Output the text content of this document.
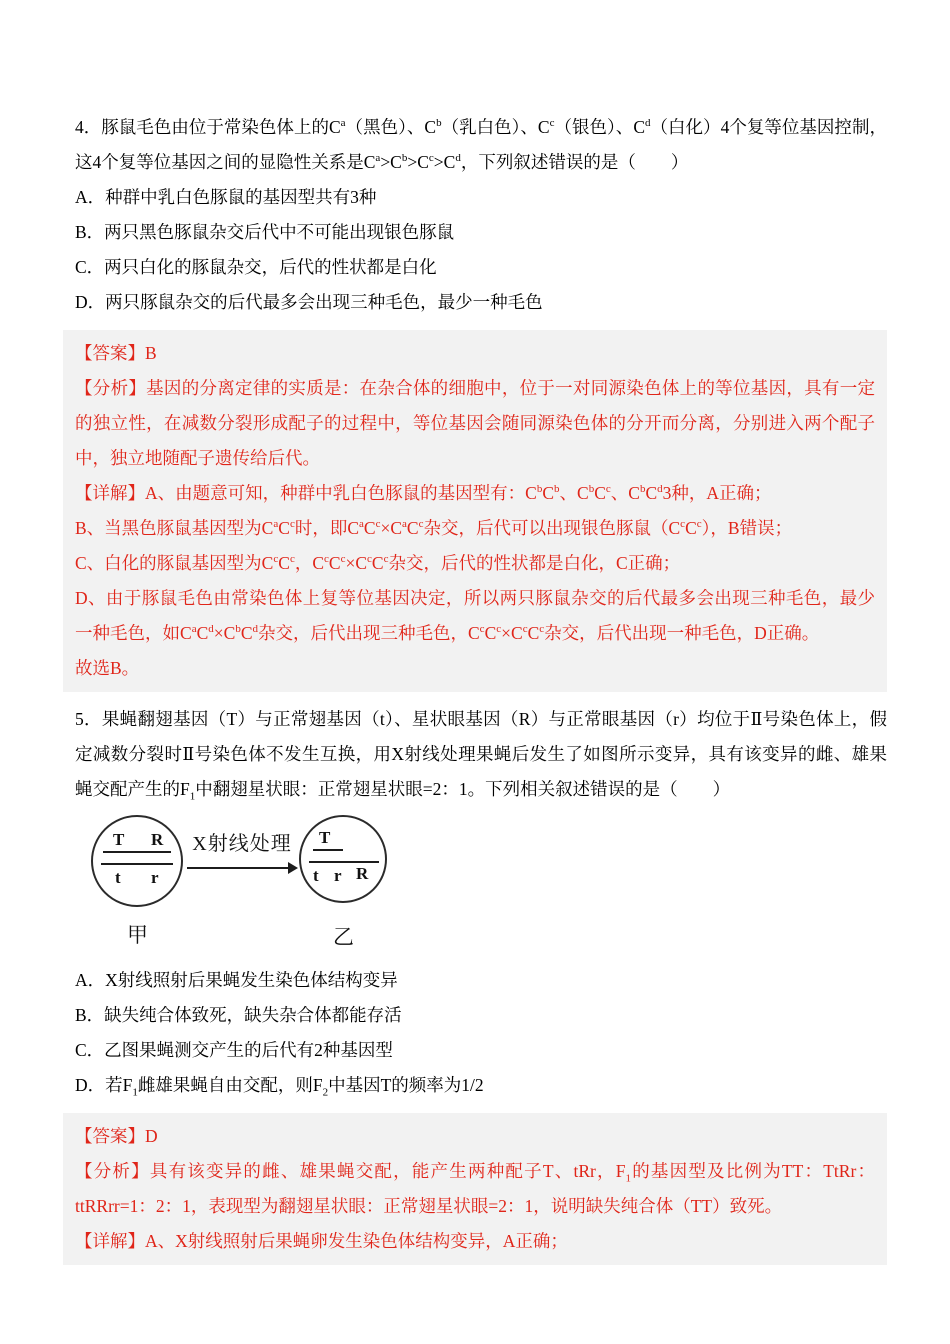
4．豚鼠毛色由位于常染色体上的$C^a$（黑色）、$C^b$（乳白色）、$C^c$（银色）、$C^d$（白化）4个复等位基因控制，这4个复等位基因之间的显隐性关系是$C^a>C^b>C^c>C^d$，下列叙述错误的是（　　）

A．种群中乳白色豚鼠的基因型共有3种

B．两只黑色豚鼠杂交后代中不可能出现银色豚鼠

C．两只白化的豚鼠杂交，后代的性状都是白化

D．两只豚鼠杂交的后代最多会出现三种毛色，最少一种毛色

【答案】B

【分析】基因的分离定律的实质是：在杂合体的细胞中，位于一对同源染色体上的等位基因，具有一定的独立性，在减数分裂形成配子的过程中，等位基因会随同源染色体的分开而分离，分别进入两个配子中，独立地随配子遗传给后代。

【详解】A、由题意可知，种群中乳白色豚鼠的基因型有：$C^bC^b$、$C^bC^c$、$C^bC^d3$种，A正确；

B、当黑色豚鼠基因型为$C^aC^c$时，即$C^aC^c\times C^aC^c$杂交，后代可以出现银色豚鼠$(C^cC^c)$，B错误；

C、白化的豚鼠基因型为$C^cC^c$，$C^cC^c\times C^cC^c$杂交，后代的性状都是白化，C正确；

D、由于豚鼠毛色由常染色体上复等位基因决定，所以两只豚鼠杂交的后代最多会出现三种毛色，最少一种毛色，如$C^aC^d\times C^bC^d$杂交，后代出现三种毛色，$C^cC^c\times C^cC^c$杂交，后代出现一种毛色，D正确。

故选B。

5．果蝇翻翅基因（T）与正常翅基因（t）、星状眼基因（R）与正常眼基因（r）均位于Ⅱ号染色体上，假定减数分裂时Ⅱ号染色体不发生互换，用X射线处理果蝇后发生了如图所示变异，具有该变异的雌、雄果蝇交配产生的$F_1$中翻翅星状眼：正常翅星状眼=2：1。下列相关叙述错误的是（　　）

T R
t r
X射线处理	T
t r R
甲	乙

A．X射线照射后果蝇发生染色体结构变异

B．缺失纯合体致死，缺失杂合体都能存活

C．乙图果蝇测交产生的后代有2种基因型

D．若$F_1$雌雄果蝇自由交配，则$F_2$中基因T的频率为1/2

【答案】D

【分析】具有该变异的雌、雄果蝇交配，能产生两种配子T、tRr，$F_1$的基因型及比例为TT：TtRr：ttRRrr=1：2：1，表现型为翻翅星状眼：正常翅星状眼=2：1，说明缺失纯合体（TT）致死。

【详解】A、X射线照射后果蝇卵发生染色体结构变异，A正确；
